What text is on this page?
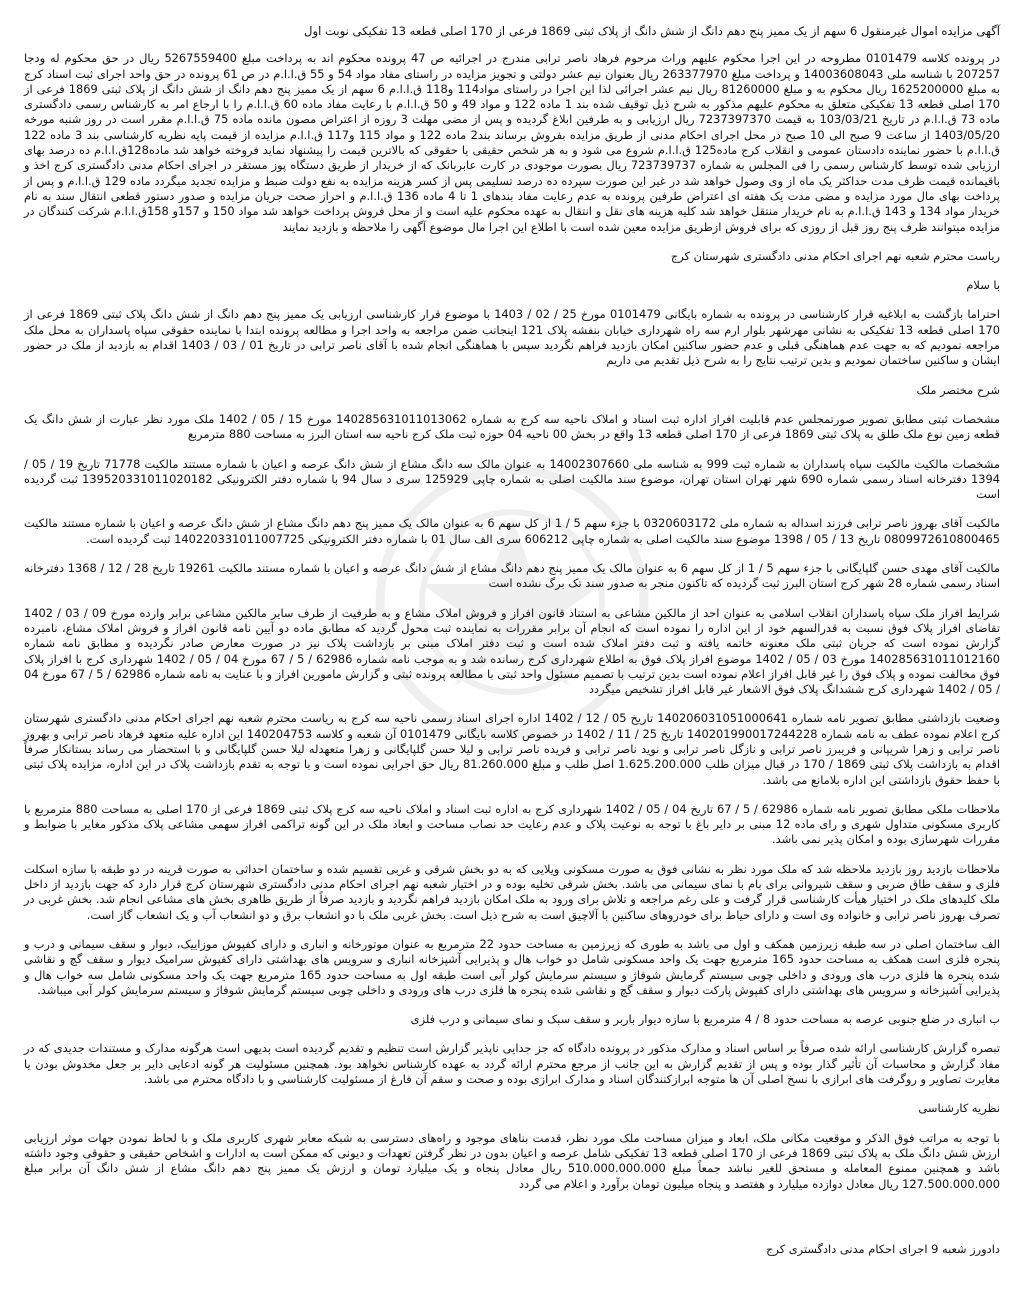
آگهی مزایده اموال غیرمنقول 6 سهم از یک ممیز پنج دهم دانگ از شش دانگ از پلاک ثبتی 1869 فرعی از 170 اصلی قطعه 13 تفکیکی نوبت اول
در پرونده کلاسه 0101479 مطروحه در این اجرا محکوم علیهم وراث مرحوم فرهاد ناصر ترابی مندرج در اجرائیه ص 47 پرونده محکوم اند به پرداخت مبلغ 5267559400 ریال در حق محکوم له ودجا 207257 با شناسه ملی 14003608043 و پرداخت مبلغ 263377970 ریال بعنوان نیم عشر دولتی و تجویز مزایده در راستای مفاد مواد 54 و 55 ق.ا.ا.م در ص 61 پرونده در حق واحد اجرای ثبت اسناد کرج به مبلغ 1625200000 ریال محکوم به و مبلغ 81260000 ریال نیم عشر اجرائی لذا این اجرا در راستای مواد114 و118 ق.ا.ا.م 6 سهم از یک ممیز پنج دهم دانگ از شش دانگ از پلاک ثبتی 1869 فرعی از 170 اصلی قطعه 13 تفکیکی متعلق به محکوم علیهم مذکور به شرح ذیل توقیف شده بند 1 ماده 122 و مواد 49 و 50 ق.ا.ا.م با رعایت مفاد ماده 60 ق.ا.ا.م را با ارجاع امر به کارشناس رسمی دادگستری ماده 73 ق.ا.ا.م در تاریخ 103/03/21 به قیمت 7237397370 ریال ارزیابی و به طرفین ابلاغ گردیده و پس از مضی مهلت 3 روزه از اعتراض مصون مانده ماده 75 ق.ا.ا.م مقرر است در روز شنبه مورخه 1403/05/20 از ساعت 9 صبح الی 10 صبح در محل اجرای احکام مدنی از طریق مزایده بفروش برساند بند2 ماده 122 و مواد 115 و117 ق.ا.ا.م مزایده از قیمت پایه نظریه کارشناسی بند 3 ماده 122 ق.ا.ا.م با حضور نماینده دادستان عمومی و انقلاب کرج ماده125 ق.ا.ا.م شروع می شود و به هر شخص حقیقی یا حقوقی که بالاترین قیمت را پیشنهاد نماید فروخته خواهد شد ماده128ق.ا.ا.م ده درصد بهای ارزیابی شده توسط کارشناس رسمی را فی المجلس به شماره 723739737 ریال بصورت موجودی در کارت عابربانک که از خریدار از طریق دستگاه پوز مستقر در اجرای احکام مدنی دادگستری کرج اخذ و باقیمانده قیمت ظرف مدت حداکثر یک ماه از وی وصول خواهد شد در غیر این صورت سپرده ده درصد تسلیمی پس از کسر هزینه مزایده به نفع دولت ضبط و مزایده تجدید میگردد ماده 129 ق.ا.ا.م و پس از پرداخت بهای مال مورد مزایده و مضی مدت یک هفته ای اعتراض طرفین پرونده به عدم رعایت مفاد بندهای 1 تا 4 ماده 136 ق.ا.ا.م و احراز صحت جریان مزایده و صدور دستور قطعی انتقال سند به نام خریدار مواد 134 و 143 ق.ا.ا.م به نام خریدار منتقل خواهد شد کلیه هزینه های نقل و انتقال به عهده محکوم علیه است و از محل فروش پرداخت خواهد شد مواد 150 و 157و 158ق.ا.ا.م شرکت کنندگان در مزایده میتوانند ظرف پنج روز قبل از روزی که برای فروش ازطریق مزایده معین شده است با اطلاع این اجرا مال موضوع آگهی را ملاحظه و بازدید نمایند
ریاست محترم شعبه نهم اجرای احکام مدنی دادگستری شهرستان کرج
با سلام
احتراما بازگشت به ابلاغیه قرار کارشناسی در پرونده به شماره بایگانی 0101479 مورخ 25 / 02 / 1403 با موضوع قرار کارشناسی ارزیابی یک ممیز پنج دهم دانگ از شش دانگ پلاک ثبتی 1869 فرعی از 170 اصلی قطعه 13 تفکیکی به نشانی مهرشهر بلوار ارم سه راه شهرداری خیابان بنفشه پلاک 121 اینجانب ضمن مراجعه به واحد اجرا و مطالعه پرونده ابتدا با نماینده حقوقی سپاه پاسداران به محل ملک مراجعه نمودیم که به جهت عدم هماهنگی قبلی و عدم حضور ساکنین امکان بازدید فراهم نگردید سپس با هماهنگی انجام شده با آقای ناصر ترابی در تاریخ 01 / 03 / 1403 اقدام به بازدید از ملک در حضور ایشان و ساکنین ساختمان نمودیم و بدین ترتیب نتایج را به شرح ذیل تقدیم می داریم
شرح مختصر ملک
مشخصات ثبتی مطابق تصویر صورتمجلس عدم قابلیت افراز اداره ثبت اسناد و املاک ناحیه سه کرج به شماره 140285631011013062 مورخ 15 / 05 / 1402 ملک مورد نظر عبارت از شش دانگ یک قطعه زمین نوع ملک طلق به پلاک ثبتی 1869 فرعی از 170 اصلی قطعه 13 واقع در بخش 00 ناحیه 04 حوزه ثبت ملک کرج ناحیه سه استان البرز به مساحت 880 مترمربع
مشخصات مالکیت مالکیت سپاه پاسداران به شماره ثبت 999 به شناسه ملی 14002307660 به عنوان مالک سه دانگ مشاع از شش دانگ عرصه و اعیان با شماره مستند مالکیت 71778 تاریخ 19 / 05 / 1394 دفترخانه اسناد رسمی شماره 690 شهر تهران استان تهران، موضوع سند مالکیت اصلی به شماره چاپی 125929 سری د سال 94 با شماره دفتر الکترونیکی 139520331011020182 ثبت گردیده است
مالکیت آقای بهروز ناصر ترابی فرزند اسداله به شماره ملی 0320603172 با جزء سهم 5 / 1 از کل سهم 6 به عنوان مالک یک ممیز پنج دهم دانگ مشاع از شش دانگ عرصه و اعیان با شماره مستند مالکیت 0809972610800465 تاریخ 13 / 05 / 1398 موضوع سند مالکیت اصلی به شماره چاپی 606212 سری الف سال 01 با شماره دفتر الکترونیکی 140220331011007725 ثبت گردیده است.
مالکیت آقای مهدی حسن گلپایگانی با جزء سهم 5 / 1 از کل سهم 6 به عنوان مالک یک ممیز پنج دهم دانگ مشاع از شش دانگ عرصه و اعیان با شماره مستند مالکیت 19261 تاریخ 28 / 12 / 1368 دفترخانه اسناد رسمی شماره 28 شهر کرج استان البرز ثبت گردیده که تاکنون منجر به صدور سند تک برگ نشده است
شرایط افراز ملک سپاه پاسداران انقلاب اسلامی به عنوان احد از مالکین مشاعی به استناد قانون افراز و فروش املاک مشاع و به طرفیت از طرف سایر مالکین مشاعی برابر وارده مورخ 09 / 03 / 1402 تقاضای افراز پلاک فوق نسبت به قدرالسهم خود از این اداره را نموده است که انجام آن برابر مقررات به نماینده ثبت محول گردید که مطابق ماده دو آیین نامه قانون افراز و فروش املاک مشاع، نامبرده گزارش نموده است که جریان ثبتی ملک معنونه خاتمه یافته و ثبت دفتر املاک شده است و ثبت دفتر املاک مبنی بر بازداشت پلاک نیز در صورت معارض صادر نگردیده و مطابق نامه شماره 140285631011012160 مورخ 03 / 05 / 1402 موضوع افراز پلاک فوق به اطلاع شهرداری کرج رسانده شد و به موجب نامه شماره 62986 / 5 / 67 مورخ 04 / 05 / 1402 شهرداری کرج با افراز پلاک فوق مخالفت نموده و پلاک فوق را غیر قابل افراز اعلام نموده است بدین ترتیب با تصمیم مسئول واحد ثبتی با مطالعه پرونده ثبتی و گزارش مامورین افراز و با عنایت به نامه شماره 62986 / 5 / 67 مورخ 04 / 05 / 1402 شهرداری کرج ششدانگ پلاک فوق الاشعار غیر قابل افراز تشخیص میگردد
وضعیت بازداشتی مطابق تصویر نامه شماره 140206031051000641 تاریخ 05 / 12 / 1402 اداره اجرای اسناد رسمی ناحیه سه کرج به ریاست محترم شعبه نهم اجرای احکام مدنی دادگستری شهرستان کرج اعلام نموده عطف به نامه شماره 140201990017244228 تاریخ 25 / 11 / 1402 در خصوص کلاسه بایگانی 0101479 آن شعبه و کلاسه 140204753 این اداره علیه متعهد فرهاد ناصر ترابی و بهروز ناصر ترابی و زهرا شریپانی و فریبرز ناصر ترابی و نازگل ناصر ترابی و نوید ناصر ترابی و فریده ناصر ترابی و لیلا حسن گلپایگانی و زهرا متعهدله لیلا حسن گلپایگانی و با استحضار می رساند بستانکار صرفاً اقدام به بازداشت پلاک ثبتی 1869 / 170 در قبال میزان طلب 1.625.200.000 اصل طلب و مبلغ 81.260.000 ریال حق اجرایی نموده است و با توجه به تقدم بازداشت پلاک در این اداره، مزایده پلاک ثبتی با حفظ حقوق بازداشتی این اداره بلامانع می باشد.
ملاحظات ملکی مطابق تصویر نامه شماره 62986 / 5 / 67 تاریخ 04 / 05 / 1402 شهرداری کرج به اداره ثبت اسناد و املاک ناحیه سه کرج پلاک ثبتی 1869 فرعی از 170 اصلی به مساحت 880 مترمربع با کاربری مسکونی متداول شهری و رای ماده 12 مبنی بر دایر باغ با توجه به نوعیت پلاک و عدم رعایت حد نصاب مساحت و ابعاد ملک در این گونه تراکمی افراز سهمی مشاعی پلاک مذکور مغایر با ضوابط و مقررات شهرسازی بوده و امکان پذیر نمی باشد.
ملاحظات بازدید روز بازدید ملاحظه شد که ملک مورد نظر به نشانی فوق به صورت مسکونی ویلایی که به دو بخش شرقی و غربی تقسیم شده و ساختمان احداثی به صورت قرینه در دو طبقه با سازه اسکلت فلزی و سقف طاق ضربی و سقف شیروانی برای بام با نمای سیمانی می باشد. بخش شرقی تخلیه بوده و در اختیار شعبه نهم اجرای احکام مدنی دادگستری شهرستان کرج قرار دارد که جهت بازدید از داخل ملک کلیدهای ملک در اختیار هیأت کارشناسی قرار گرفت و علی رغم مراجعه و تلاش برای ورود به ملک امکان بازدید فراهم نگردید و بازدید صرفاً از طریق ظاهری بخش های مشاعی انجام شد. بخش غربی در تصرف بهروز ناصر ترابی و خانواده وی است و دارای حیاط برای خودروهای ساکنین با آلاچیق است به شرح ذیل است. بخش غربی ملک با دو انشعاب برق و دو انشعاب آب و یک انشعاب گاز است.
الف ساختمان اصلی در سه طبقه زیرزمین همکف و اول می باشد به طوری که زیرزمین به مساحت حدود 22 مترمربع به عنوان موتورخانه و انباری و دارای کفپوش موزاییک، دیوار و سقف سیمانی و درب و پنجره فلزی است همکف به مساحت حدود 165 مترمربع جهت یک واحد مسکونی شامل دو خواب هال و پذیرایی آشپزخانه انباری و سرویس های بهداشتی دارای کفپوش سرامیک دیوار و سقف گچ و نقاشی شده پنجره ها فلزی درب های ورودی و داخلی چوبی سیستم گرمایش شوفاژ و سیستم سرمایش کولر آبی است طبقه اول به مساحت حدود 165 مترمربع جهت یک واحد مسکونی شامل سه خواب هال و پذیرایی آشپزخانه و سرویس های بهداشتی دارای کفپوش پارکت دیوار و سقف گچ و نقاشی شده پنجره ها فلزی درب های ورودی و داخلی چوبی سیستم گرمایش شوفاژ و سیستم سرمایش کولر آبی میباشد.
ب انباری در ضلع جنوبی عرصه به مساحت حدود 8 / 4 مترمربع با سازه دیوار باربر و سقف سبک و نمای سیمانی و درب فلزی
تبصره گزارش کارشناسی ارائه شده صرفاً بر اساس اسناد و مدارک مذکور در پرونده دادگاه که جز جدایی ناپذیر گزارش است تنظیم و تقدیم گردیده است بدیهی است هرگونه مدارک و مستندات جدیدی که در مفاد گزارش و محاسبات آن تأثیر گذار بوده و پس از تقدیم گزارش به این جانب از مرجع محترم ارائه گردد به عهده کارشناس نخواهد بود. همچنین مسئولیت هر گونه ادعایی دایر بر جعل مخدوش بودن یا مغایرت تصاویر و روگرفت های ابرازی با نسخ اصلی آن ها متوجه ابرازکنندگان اسناد و مدارک ابرازی بوده و صحت و سقم آن فارغ از مسئولیت کارشناسی و با دادگاه محترم می باشد.
نظریه کارشناسی
با توجه به مراتب فوق الذکر و موقعیت مکانی ملک، ابعاد و میزان مساحت ملک مورد نظر، قدمت بناهای موجود و راه‌های دسترسی به شبکه معابر شهری کاربری ملک و با لحاظ نمودن جهات موثر ارزیابی ارزش شش دانگ ملک به پلاک ثبتی 1869 فرعی از 170 اصلی قطعه 13 تفکیکی شامل عرصه و اعیان بدون در نظر گرفتن تعهدات و دیونی که ممکن است به ادارات و اشخاص حقیقی و حقوقی وجود داشته باشد و همچنین ممنوع المعامله و مستحق للغیر نباشد جمعاً مبلغ 510.000.000.000 ریال معادل پنجاه و یک میلیارد تومان و ارزش یک ممیز پنج دهم دانگ مشاع از شش دانگ آن برابر مبلغ 127.500.000.000 ریال معادل دوازده میلیارد و هفتصد و پنجاه میلیون تومان برآورد و اعلام می گردد
دادورز شعبه 9 اجرای احکام مدنی دادگستری کرج
